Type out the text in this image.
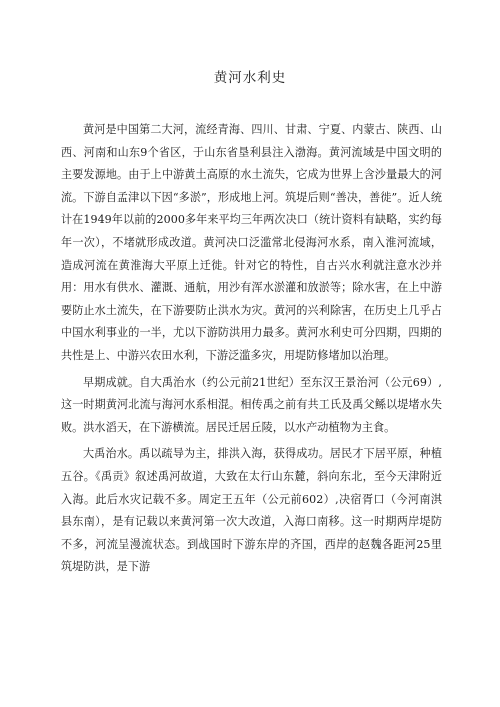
黄河水利史

黄河是中国第二大河，流经青海、四川、甘肃、宁夏、内蒙古、陕西、山西、河南和山东9个省区，于山东省垦利县注入渤海。黄河流域是中国文明的主要发源地。由于上中游黄土高原的水土流失，它成为世界上含沙量最大的河流。下游自孟津以下因“多淤”，形成地上河。筑堤后则“善决，善徙”。近人统计在1949年以前的2000多年来平均三年两次决口（统计资料有缺略，实约每年一次），不堵就形成改道。黄河决口泛滥常北侵海河水系，南入淮河流域，造成河流在黄淮海大平原上迁徙。针对它的特性，自古兴水利就注意水沙并用：用水有供水、灌溉、通航，用沙有浑水淤灌和放淤等；除水害，在上中游要防止水土流失，在下游要防止洪水为灾。黄河的兴利除害，在历史上几乎占中国水利事业的一半，尤以下游防洪用力最多。黄河水利史可分四期，四期的共性是上、中游兴农田水利，下游泛滥多灾，用堤防修堵加以治理。

早期成就。自大禹治水（约公元前21世纪）至东汉王景治河（公元69）,这一时期黄河北流与海河水系相混。相传禹之前有共工氏及禹父鲧以堤堵水失败。洪水滔天，在下游横流。居民迁居丘陵，以水产动植物为主食。

大禹治水。禹以疏导为主，排洪入海，获得成功。居民才下居平原，种植五谷。《禹贡》叙述禹河故道，大致在太行山东麓，斜向东北，至今天津附近入海。此后水灾记载不多。周定王五年（公元前602）,决宿胥口（今河南淇县东南），是有记载以来黄河第一次大改道，入海口南移。这一时期两岸堤防不多，河流呈漫流状态。到战国时下游东岸的齐国，西岸的赵魏各距河25里筑堤防洪，是下游
